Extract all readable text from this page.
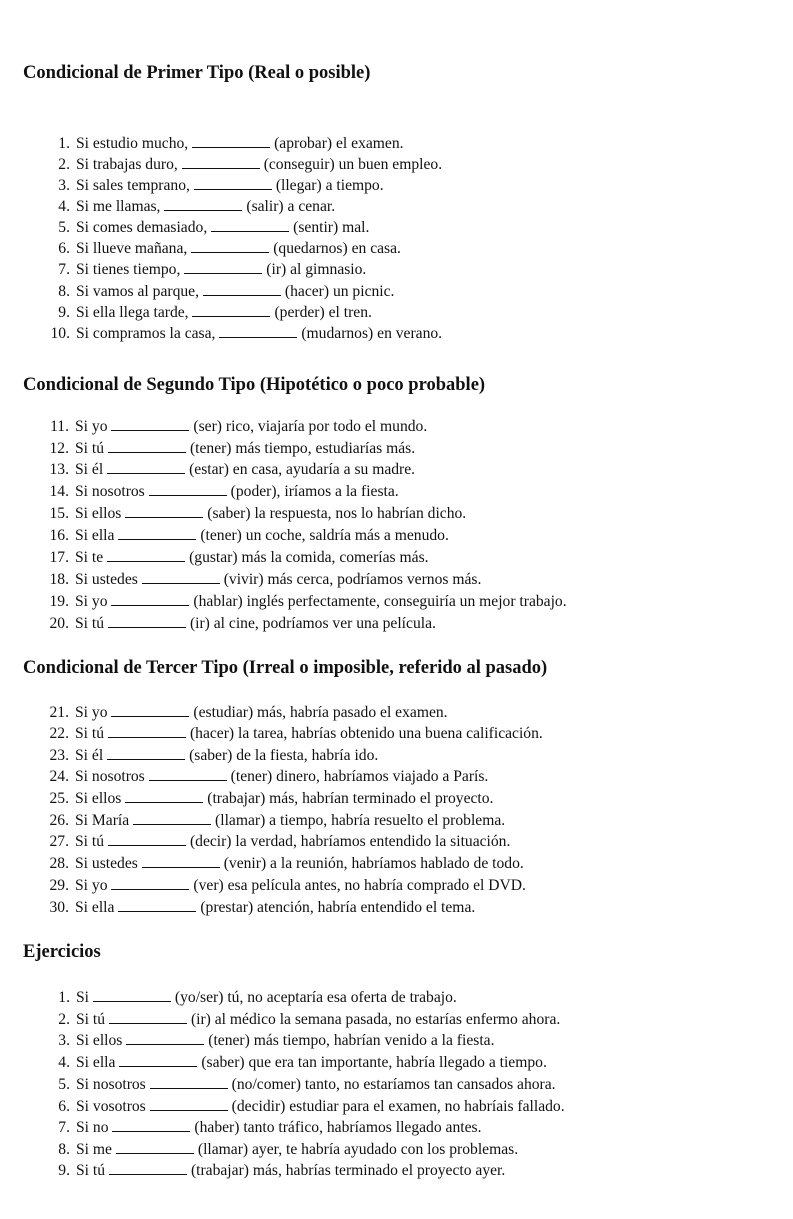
Condicional de Primer Tipo (Real o posible)
1. Si estudio mucho,	(aprobar) el examen.
2. Si trabajas duro,	(conseguir) un buen empleo.
3. Si sales temprano,	(llegar) a tiempo.
4. Si me llamas,	(salir) a cenar.
5. Si comes demasiado,	(sentir) mal.
6. Si llueve mañana,	(quedarnos) en casa.
7. Si tienes tiempo,	(ir) al gimnasio.
8. Si vamos al parque,	(hacer) un picnic.
9. Si ella llega tarde,	(perder) el tren.
10. Si compramos la casa,	(mudarnos) en verano.
Condicional de Segundo Tipo (Hipotético o poco probable)
11. Si yo	(ser) rico, viajaría por todo el mundo.
12. Si tú	(tener) más tiempo, estudiarías más.
13. Si él	(estar) en casa, ayudaría a su madre.
14. Si nosotros	(poder), iríamos a la fiesta.
15. Si ellos	(saber) la respuesta, nos lo habrían dicho.
16. Si ella	(tener) un coche, saldría más a menudo.
17. Si te	(gustar) más la comida, comerías más.
18. Si ustedes	(vivir) más cerca, podríamos vernos más.
19. Si yo	(hablar) inglés perfectamente, conseguiría un mejor trabajo.
20. Si tú	(ir) al cine, podríamos ver una película.
Condicional de Tercer Tipo (Irreal o imposible, referido al pasado)
21. Si yo	(estudiar) más, habría pasado el examen.
22. Si tú	(hacer) la tarea, habrías obtenido una buena calificación.
23. Si él	(saber) de la fiesta, habría ido.
24. Si nosotros	(tener) dinero, habríamos viajado a París.
25. Si ellos	(trabajar) más, habrían terminado el proyecto.
26. Si María	(llamar) a tiempo, habría resuelto el problema.
27. Si tú	(decir) la verdad, habríamos entendido la situación.
28. Si ustedes	(venir) a la reunión, habríamos hablado de todo.
29. Si yo	(ver) esa película antes, no habría comprado el DVD.
30. Si ella	(prestar) atención, habría entendido el tema.
Ejercicios
1. Si	(yo/ser) tú, no aceptaría esa oferta de trabajo.
2. Si tú	(ir) al médico la semana pasada, no estarías enfermo ahora.
3. Si ellos	(tener) más tiempo, habrían venido a la fiesta.
4. Si ella	(saber) que era tan importante, habría llegado a tiempo.
5. Si nosotros	(no/comer) tanto, no estaríamos tan cansados ahora.
6. Si vosotros	(decidir) estudiar para el examen, no habríais fallado.
7. Si no	(haber) tanto tráfico, habríamos llegado antes.
8. Si me	(llamar) ayer, te habría ayudado con los problemas.
9. Si tú	(trabajar) más, habrías terminado el proyecto ayer.
